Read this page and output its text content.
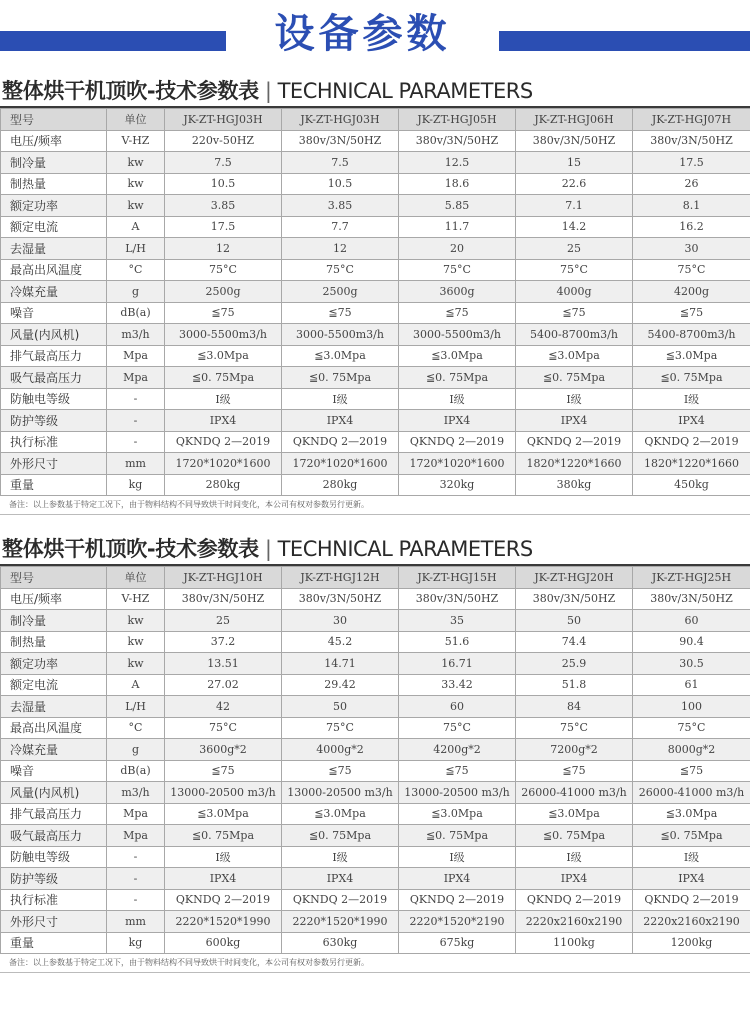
设备参数
整体烘干机顶吹-技术参数表 | TECHNICAL PARAMETERS
型号	单位	JK-ZT-HGJ03H	JK-ZT-HGJ03H	JK-ZT-HGJ05H	JK-ZT-HGJ06H	JK-ZT-HGJ07H
电压/频率	V-HZ	220v-50HZ	380v/3N/50HZ	380v/3N/50HZ	380v/3N/50HZ	380v/3N/50HZ
制冷量	kw	7.5	7.5	12.5	15	17.5
制热量	kw	10.5	10.5	18.6	22.6	26
额定功率	kw	3.85	3.85	5.85	7.1	8.1
额定电流	A	17.5	7.7	11.7	14.2	16.2
去湿量	L/H	12	12	20	25	30
最高出风温度	°C	75°C	75°C	75°C	75°C	75°C
冷媒充量	g	2500g	2500g	3600g	4000g	4200g
噪音	dB(a)	≦75	≦75	≦75	≦75	≦75
风量(内风机)	m3/h	3000-5500m3/h	3000-5500m3/h	3000-5500m3/h	5400-8700m3/h	5400-8700m3/h
排气最高压力	Mpa	≦3.0Mpa	≦3.0Mpa	≦3.0Mpa	≦3.0Mpa	≦3.0Mpa
吸气最高压力	Mpa	≦0. 75Mpa	≦0. 75Mpa	≦0. 75Mpa	≦0. 75Mpa	≦0. 75Mpa
防触电等级	-	I级	I级	I级	I级	I级
防护等级	-	IPX4	IPX4	IPX4	IPX4	IPX4
执行标准	-	QKNDQ 2—2019	QKNDQ 2—2019	QKNDQ 2—2019	QKNDQ 2—2019	QKNDQ 2—2019
外形尺寸	mm	1720*1020*1600	1720*1020*1600	1720*1020*1600	1820*1220*1660	1820*1220*1660
重量	kg	280kg	280kg	320kg	380kg	450kg
备注：以上参数基于特定工况下，由于物料结构不同导致烘干时间变化，本公司有权对参数另行更新。
整体烘干机顶吹-技术参数表 | TECHNICAL PARAMETERS
型号	单位	JK-ZT-HGJ10H	JK-ZT-HGJ12H	JK-ZT-HGJ15H	JK-ZT-HGJ20H	JK-ZT-HGJ25H
电压/频率	V-HZ	380v/3N/50HZ	380v/3N/50HZ	380v/3N/50HZ	380v/3N/50HZ	380v/3N/50HZ
制冷量	kw	25	30	35	50	60
制热量	kw	37.2	45.2	51.6	74.4	90.4
额定功率	kw	13.51	14.71	16.71	25.9	30.5
额定电流	A	27.02	29.42	33.42	51.8	61
去湿量	L/H	42	50	60	84	100
最高出风温度	°C	75°C	75°C	75°C	75°C	75°C
冷媒充量	g	3600g*2	4000g*2	4200g*2	7200g*2	8000g*2
噪音	dB(a)	≦75	≦75	≦75	≦75	≦75
风量(内风机)	m3/h	13000-20500 m3/h	13000-20500 m3/h	13000-20500 m3/h	26000-41000 m3/h	26000-41000 m3/h
排气最高压力	Mpa	≦3.0Mpa	≦3.0Mpa	≦3.0Mpa	≦3.0Mpa	≦3.0Mpa
吸气最高压力	Mpa	≦0. 75Mpa	≦0. 75Mpa	≦0. 75Mpa	≦0. 75Mpa	≦0. 75Mpa
防触电等级	-	I级	I级	I级	I级	I级
防护等级	-	IPX4	IPX4	IPX4	IPX4	IPX4
执行标准	-	QKNDQ 2—2019	QKNDQ 2—2019	QKNDQ 2—2019	QKNDQ 2—2019	QKNDQ 2—2019
外形尺寸	mm	2220*1520*1990	2220*1520*1990	2220*1520*2190	2220x2160x2190	2220x2160x2190
重量	kg	600kg	630kg	675kg	1100kg	1200kg
备注：以上参数基于特定工况下，由于物料结构不同导致烘干时间变化，本公司有权对参数另行更新。
